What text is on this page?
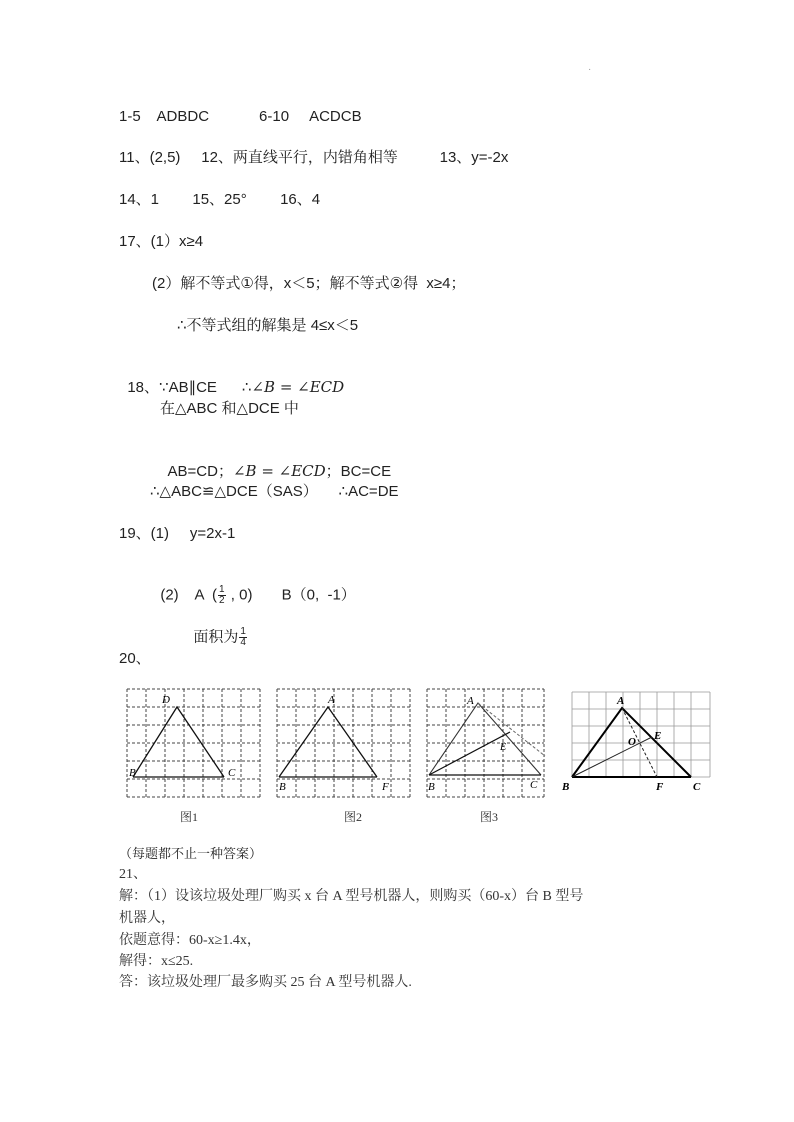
·
1-5    ADBDC            6-10     ACDCB
11、(2,5)     12、两直线平行，内错角相等          13、y=-2x
14、1        15、25°        16、4
17、(1）x≥4
(2）解不等式①得，x＜5；解不等式②得  x≥4；
∴不等式组的解集是 4≤x＜5

18、∵AB∥CE      ∴∠B = ∠ECD

在△ABC 和△DCE 中

AB=CD；∠B = ∠ECD；BC=CE

∴△ABC≌△DCE（SAS）     ∴AC=DE
19、(1)     y=2x-1

(2)    A  ( $\frac{1}{2}$ , 0)       B（0,  -1）

面积为 $\frac{1}{4}$

20、
D
B	C
图1
A
B	F
图2
A
E
B	C
图3
A
O E
B	F	C
（每题都不止一种答案）
21、
解：（1）设该垃圾处理厂购买 x 台 A 型号机器人，则购买（60-x）台 B 型号
机器人，
依题意得：60-x≥1.4x，
解得：x≤25.
答：该垃圾处理厂最多购买 25 台 A 型号机器人.
